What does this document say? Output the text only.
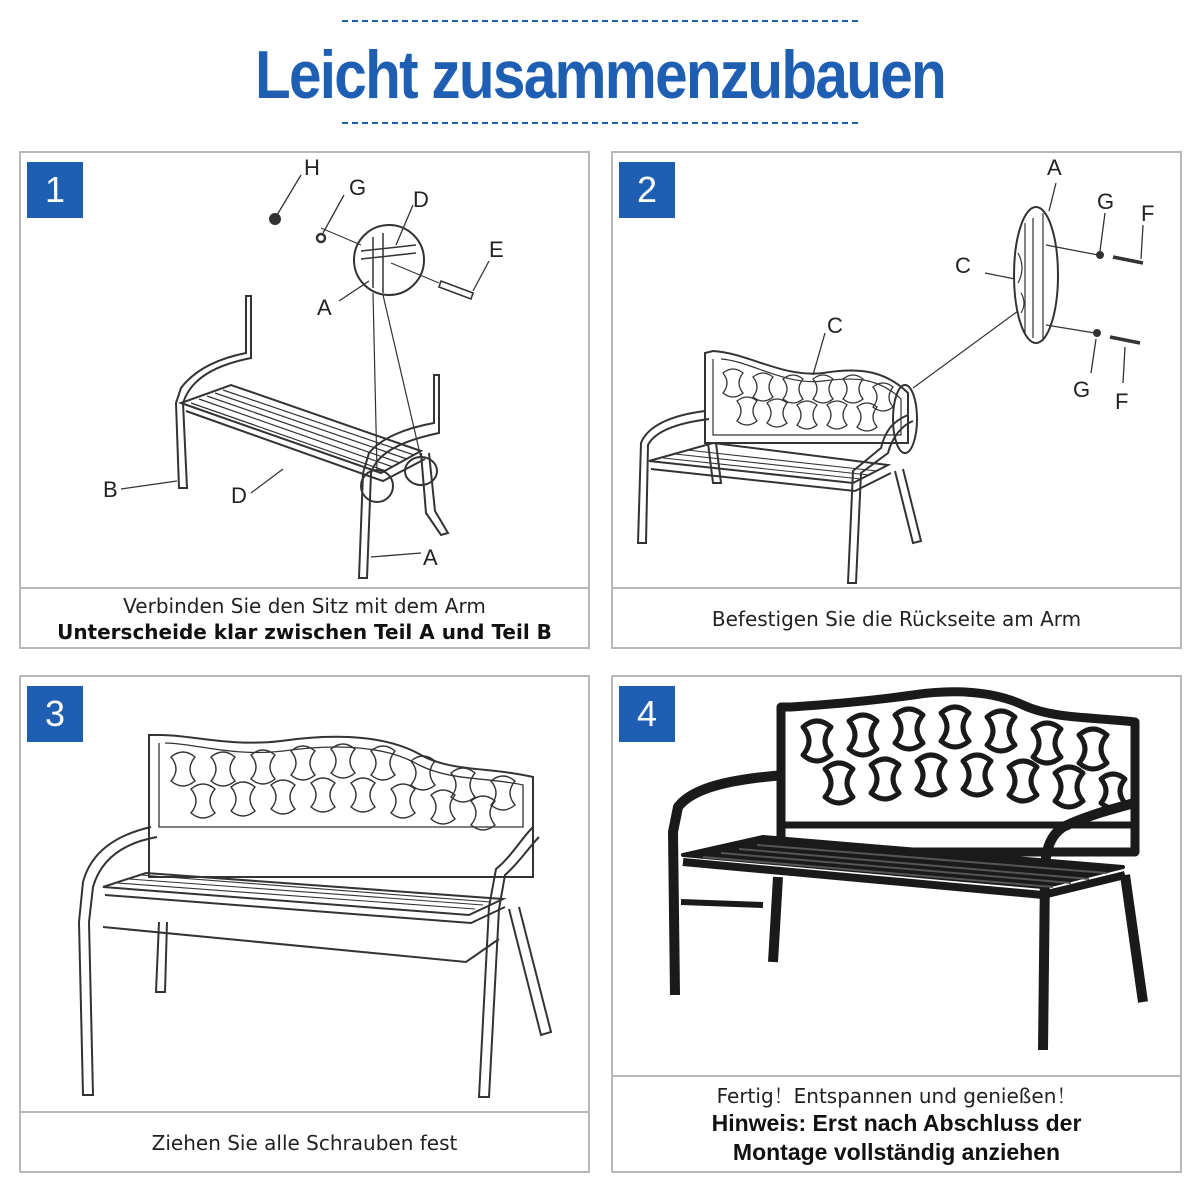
Leicht zusammenzubauen
H
G D
E
A
B	D
A
1
Verbinden Sie den Sitz mit dem Arm
Unterscheide klar zwischen Teil A und Teil B
A
G F
C
C
G F
2
Befestigen Sie die Rückseite am Arm
3
Ziehen Sie alle Schrauben fest
4
Fertig！Entspannen und genießen！
Hinweis: Erst nach Abschluss der
Montage vollständig anziehen
